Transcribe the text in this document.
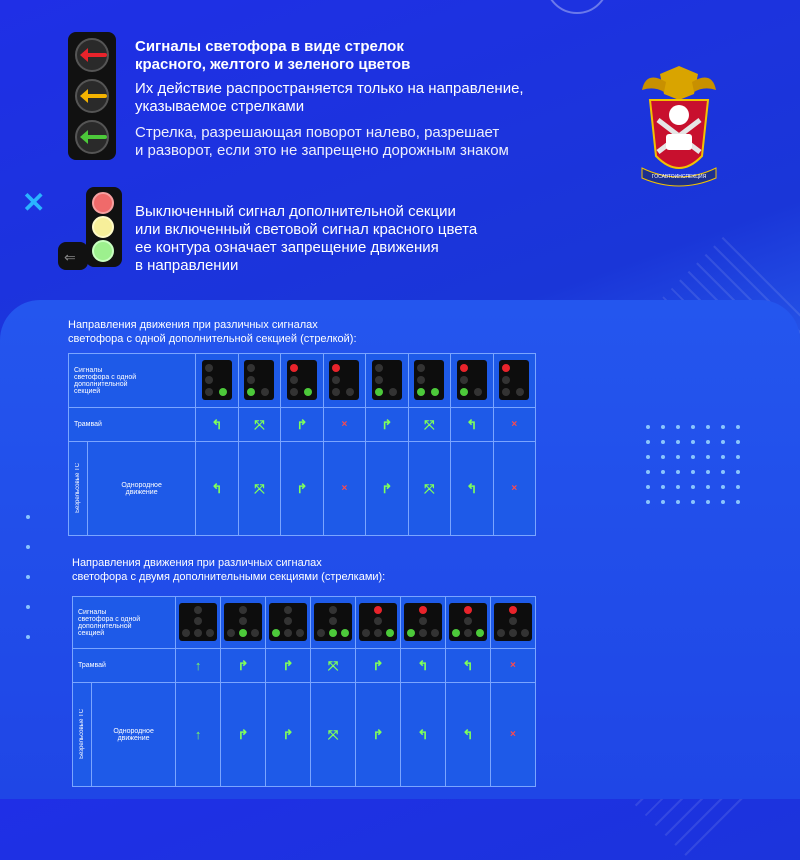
✕
Сигналы светофора в виде стрелок
красного, желтого и зеленого цветов
Их действие распространяется только на направление,
указываемое стрелками
Стрелка, разрешающая поворот налево, разрешает
и разворот, если это не запрещено дорожным знаком
⇐
Выключенный сигнал дополнительной секции
или включенный световой сигнал красного цвета
ее контура означает запрещение движения
в направлении
ГОСАВТОИНСПЕКЦИЯ
Направления движения при различных сигналах
светофора с одной дополнительной секцией (стрелкой):
Сигналы
светофора с одной
дополнительной
секцией		

Трамвай		↰	⤧	↱	×	↱	⤧	↰	×
Безрельсовые ТС	Однородное
движение	↰	⤧	↱	×	↱	⤧	↰	×
Направления движения при различных сигналах
светофора с двумя дополнительными секциями (стрелками):
Сигналы
светофора с одной
дополнительной
секцией		

Трамвай		↑	↱	↱	⤧	↱	↰	↰	×
Безрельсовые ТС	Однородное
движение	↑	↱	↱	⤧	↱	↰	↰	×
